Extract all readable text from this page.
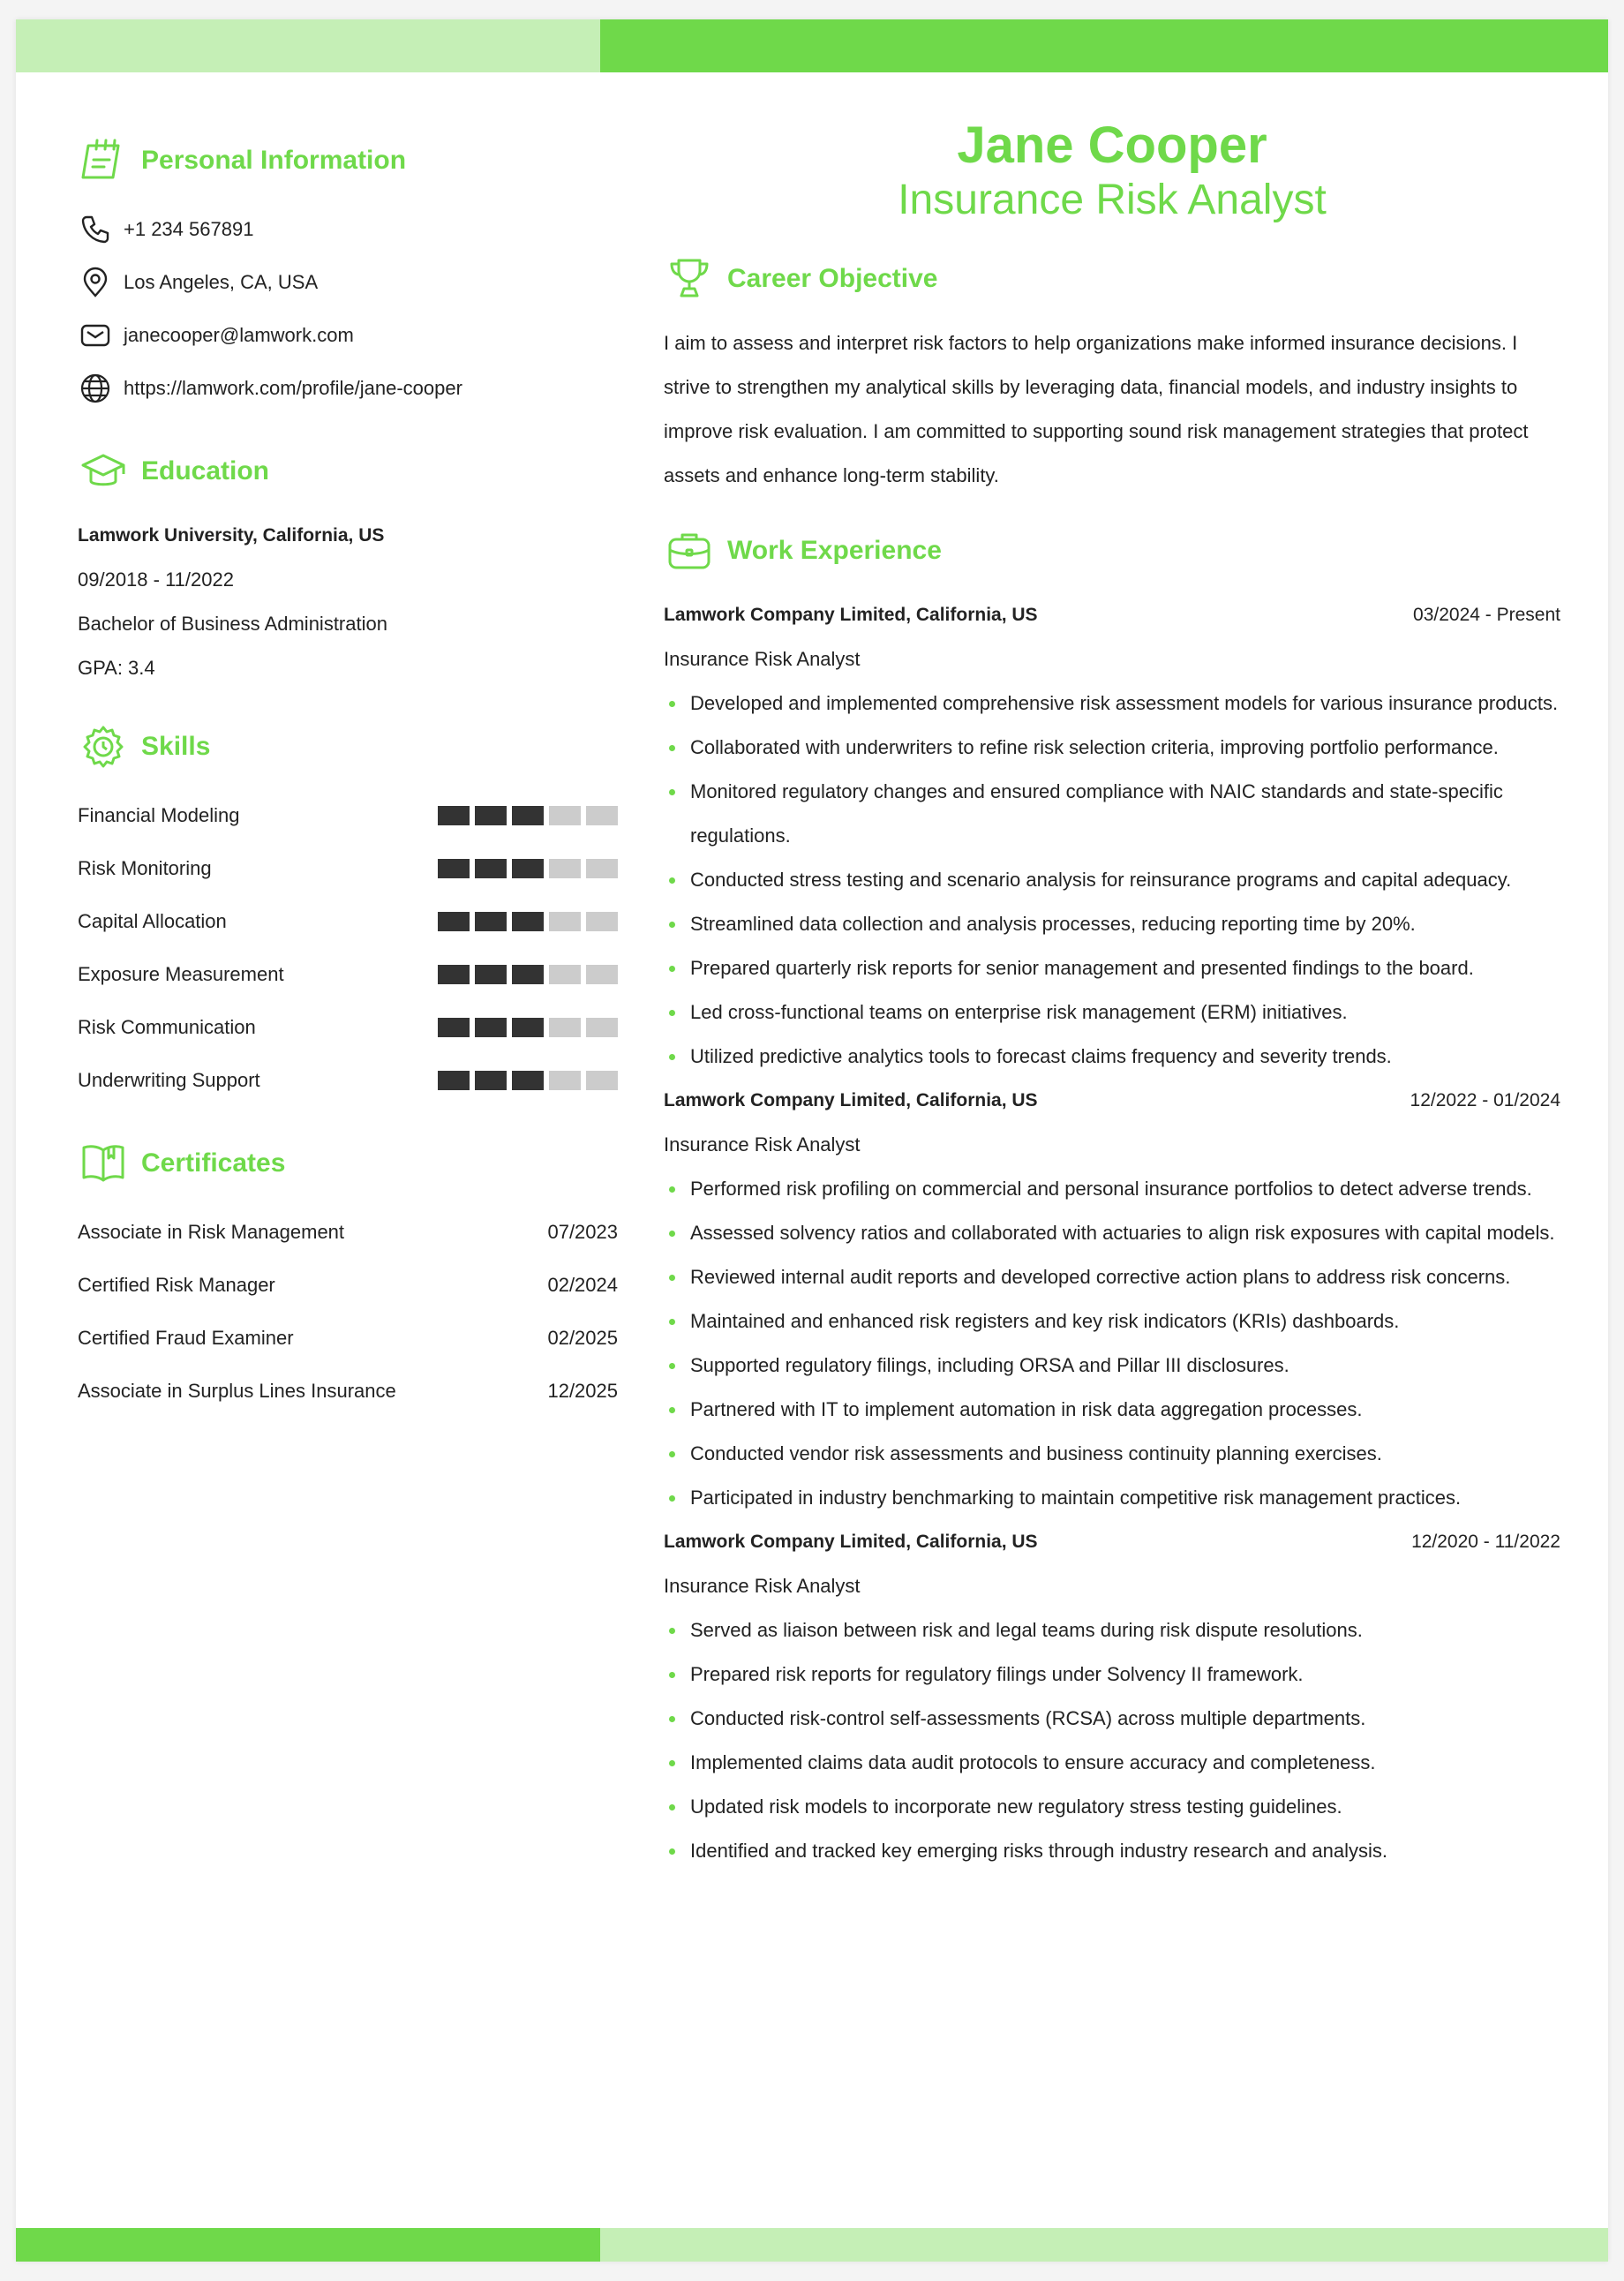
Personal Information
+1 234 567891
Los Angeles, CA, USA
janecooper@lamwork.com
https://lamwork.com/profile/jane-cooper
Education
Lamwork University, California, US
09/2018 - 11/2022
Bachelor of Business Administration
GPA: 3.4
Skills
Financial Modeling
Risk Monitoring
Capital Allocation
Exposure Measurement
Risk Communication
Underwriting Support
Certificates
Associate in Risk Management	07/2023
Certified Risk Manager	02/2024
Certified Fraud Examiner	02/2025
Associate in Surplus Lines Insurance	12/2025
Jane Cooper
Insurance Risk Analyst
Career Objective
I aim to assess and interpret risk factors to help organizations make informed insurance decisions. I strive to strengthen my analytical skills by leveraging data, financial models, and industry insights to improve risk evaluation. I am committed to supporting sound risk management strategies that protect assets and enhance long-term stability.
Work Experience
Lamwork Company Limited, California, US	03/2024 - Present
Insurance Risk Analyst
Developed and implemented comprehensive risk assessment models for various insurance products.
Collaborated with underwriters to refine risk selection criteria, improving portfolio performance.
Monitored regulatory changes and ensured compliance with NAIC standards and state-specific regulations.
Conducted stress testing and scenario analysis for reinsurance programs and capital adequacy.
Streamlined data collection and analysis processes, reducing reporting time by 20%.
Prepared quarterly risk reports for senior management and presented findings to the board.
Led cross-functional teams on enterprise risk management (ERM) initiatives.
Utilized predictive analytics tools to forecast claims frequency and severity trends.
Lamwork Company Limited, California, US	12/2022 - 01/2024
Insurance Risk Analyst
Performed risk profiling on commercial and personal insurance portfolios to detect adverse trends.
Assessed solvency ratios and collaborated with actuaries to align risk exposures with capital models.
Reviewed internal audit reports and developed corrective action plans to address risk concerns.
Maintained and enhanced risk registers and key risk indicators (KRIs) dashboards.
Supported regulatory filings, including ORSA and Pillar III disclosures.
Partnered with IT to implement automation in risk data aggregation processes.
Conducted vendor risk assessments and business continuity planning exercises.
Participated in industry benchmarking to maintain competitive risk management practices.
Lamwork Company Limited, California, US	12/2020 - 11/2022
Insurance Risk Analyst
Served as liaison between risk and legal teams during risk dispute resolutions.
Prepared risk reports for regulatory filings under Solvency II framework.
Conducted risk-control self-assessments (RCSA) across multiple departments.
Implemented claims data audit protocols to ensure accuracy and completeness.
Updated risk models to incorporate new regulatory stress testing guidelines.
Identified and tracked key emerging risks through industry research and analysis.
